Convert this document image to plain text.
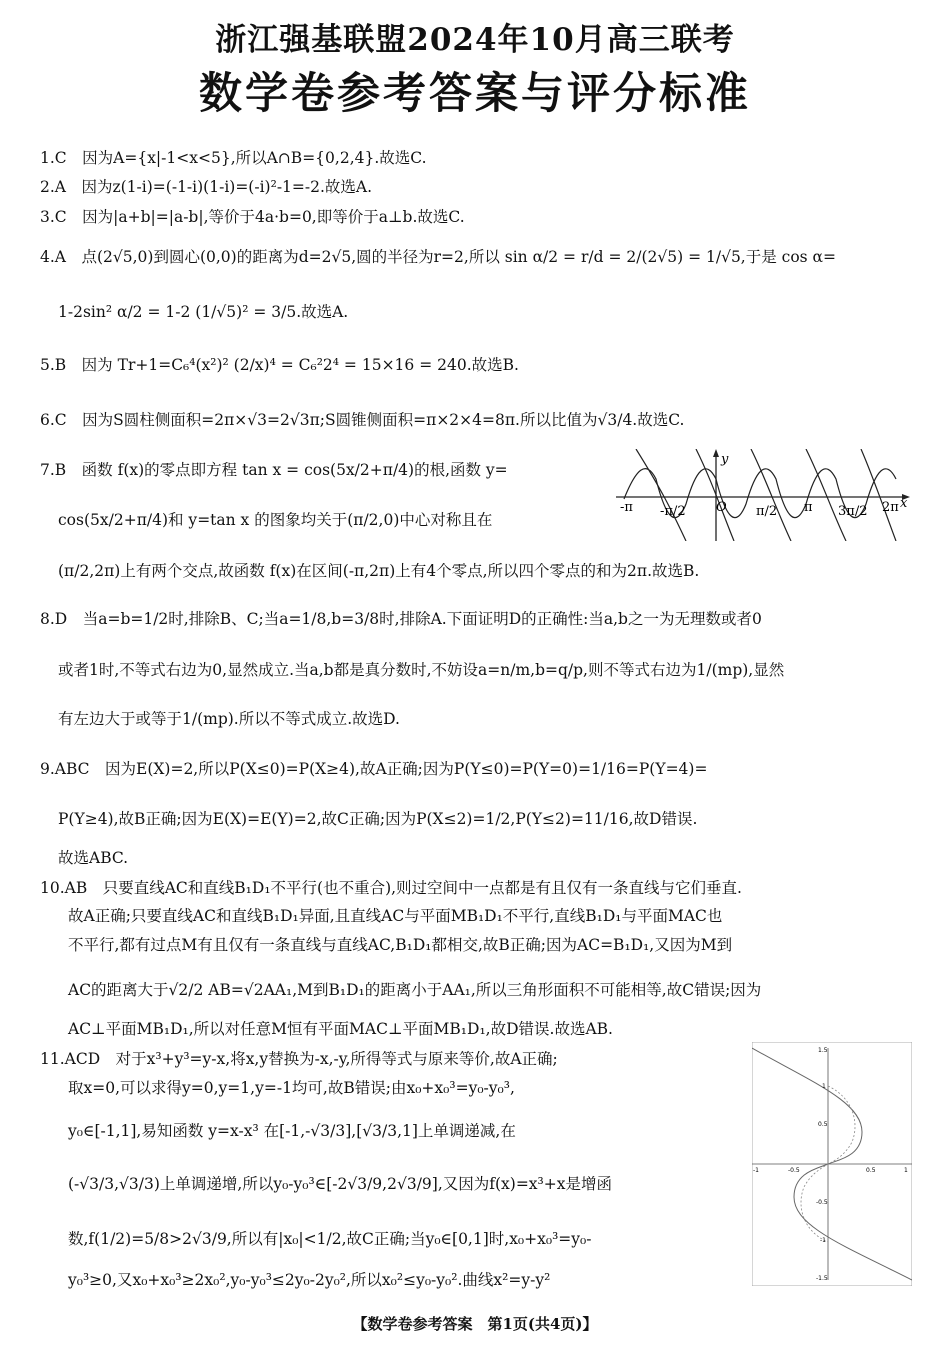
浙江强基联盟2024年10月高三联考
数学卷参考答案与评分标准
1.C　因为A={x|-1<x<5},所以A∩B={0,2,4}.故选C.
2.A　因为z(1-i)=(-1-i)(1-i)=(-i)²-1=-2.故选A.
3.C　因为|a+b|=|a-b|,等价于4a·b=0,即等价于a⊥b.故选C.
4.A　点(2√5,0)到圆心(0,0)的距离为d=2√5,圆的半径为r=2,所以 sin α/2 = r/d = 2/(2√5) = 1/√5,于是 cos α=
1-2sin² α/2 = 1-2 (1/√5)² = 3/5.故选A.
5.B　因为 Tr+1=C₆⁴(x²)² (2/x)⁴ = C₆²2⁴ = 15×16 = 240.故选B.
6.C　因为S圆柱侧面积=2π×√3=2√3π;S圆锥侧面积=π×2×4=8π.所以比值为√3/4.故选C.
7.B　函数 f(x)的零点即方程 tan x = cos(5x/2+π/4)的根,函数 y=
cos(5x/2+π/4)和 y=tan x 的图象均关于(π/2,0)中心对称且在
(π/2,2π)上有两个交点,故函数 f(x)在区间(-π,2π)上有4个零点,所以四个零点的和为2π.故选B.
-π -π/2 O π/2 π 3π/2 2π x
y
8.D　当a=b=1/2时,排除B、C;当a=1/8,b=3/8时,排除A.下面证明D的正确性:当a,b之一为无理数或者0
或者1时,不等式右边为0,显然成立.当a,b都是真分数时,不妨设a=n/m,b=q/p,则不等式右边为1/(mp),显然
有左边大于或等于1/(mp).所以不等式成立.故选D.
9.ABC　因为E(X)=2,所以P(X≤0)=P(X≥4),故A正确;因为P(Y≤0)=P(Y=0)=1/16=P(Y=4)=
P(Y≥4),故B正确;因为E(X)=E(Y)=2,故C正确;因为P(X≤2)=1/2,P(Y≤2)=11/16,故D错误.
故选ABC.
10.AB　只要直线AC和直线B₁D₁不平行(也不重合),则过空间中一点都是有且仅有一条直线与它们垂直.
故A正确;只要直线AC和直线B₁D₁异面,且直线AC与平面MB₁D₁不平行,直线B₁D₁与平面MAC也
不平行,都有过点M有且仅有一条直线与直线AC,B₁D₁都相交,故B正确;因为AC=B₁D₁,又因为M到
AC的距离大于√2/2 AB=√2AA₁,M到B₁D₁的距离小于AA₁,所以三角形面积不可能相等,故C错误;因为
AC⊥平面MB₁D₁,所以对任意M恒有平面MAC⊥平面MB₁D₁,故D错误.故选AB.
11.ACD　对于x³+y³=y-x,将x,y替换为-x,-y,所得等式与原来等价,故A正确;
取x=0,可以求得y=0,y=1,y=-1均可,故B错误;由x₀+x₀³=y₀-y₀³,
y₀∈[-1,1],易知函数 y=x-x³ 在[-1,-√3/3],[√3/3,1]上单调递减,在
(-√3/3,√3/3)上单调递增,所以y₀-y₀³∈[-2√3/9,2√3/9],又因为f(x)=x³+x是增函
数,f(1/2)=5/8>2√3/9,所以有|x₀|<1/2,故C正确;当y₀∈[0,1]时,x₀+x₀³=y₀-
y₀³≥0,又x₀+x₀³≥2x₀²,y₀-y₀³≤2y₀-2y₀²,所以x₀²≤y₀-y₀².曲线x²=y-y²
1.5
1
0.5
-0.5
-1
-1.5
-1	-0.5	0.5	1
【数学卷参考答案　第1页(共4页)】
